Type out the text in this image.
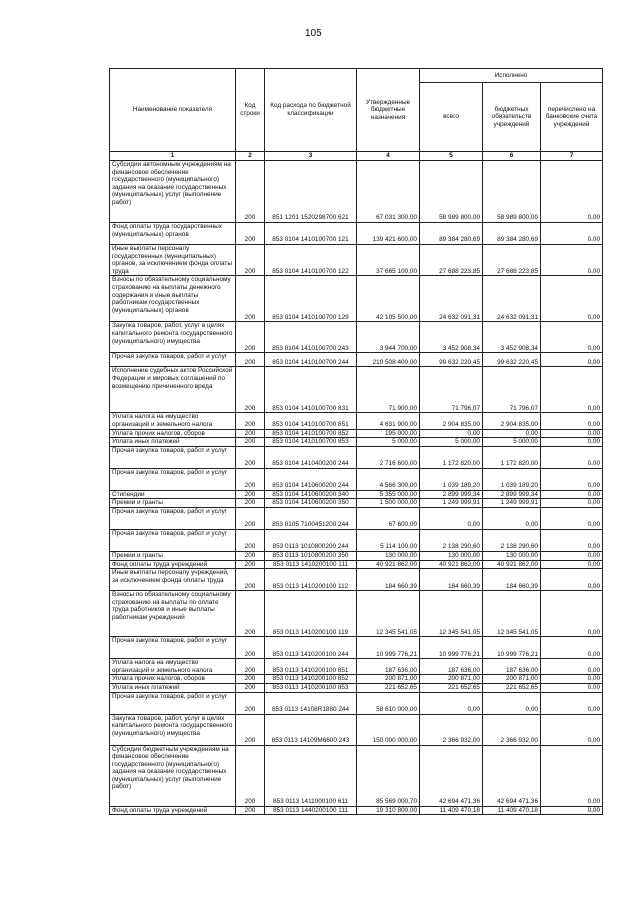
105
Наименование показателя	Код строки	Код расхода по бюджетной классификации	Утвержденные бюджетные назначения	Исполнено		
				всего	бюджетных обязательств учреждений	перечислено на банковские счета учреждений
1	2	3	4	5	6	7
Субсидии автономным учреждениям на финансовое обеспечение государственного (муниципального) задания на оказание государственных (муниципальных) услуг (выполнение работ)	200	851 1201 1520298700 621	67 031 300,00	58 989 800,00	58 989 800,00	0,00
Фонд оплаты труда государственных (муниципальных) органов	200	853 0104 1410100700 121	139 421 600,00	89 384 280,69	89 384 280,69	0,00
Иные выплаты персоналу государственных (муниципальных) органов, за исключением фонда оплаты труда	200	853 0104 1410100700 122	37 665 100,00	27 688 223,85	27 688 223,85	0,00
Взносы по обязательному социальному страхованию на выплаты денежного содержания и иные выплаты работникам государственных (муниципальных) органов	200	853 0104 1410100700 129	42 105 500,00	24 632 091,31	24 632 091,31	0,00
Закупка товаров, работ, услуг в целях капитального ремонта государственного (муниципального) имущества	200	853 0104 1410100700 243	3 944 700,00	3 452 908,34	3 452 908,34	0,00
Прочая закупка товаров, работ и услуг	200	853 0104 1410100700 244	210 508 400,00	99 632 220,45	99 632 220,45	0,00
Исполнение судебных актов Российской Федерации и мировых соглашений по возмещению причиненного вреда	200	853 0104 1410100700 831	71 900,00	71 796,07	71 796,07	0,00
Уплата налога на имущество организаций и земельного налога	200	853 0104 1410100700 851	4 631 900,00	2 904 835,00	2 904 835,00	0,00
Уплата прочих налогов, сборов	200	853 0104 1410100700 852	195 000,00	0,00	0,00	0,00
Уплата иных платежей	200	853 0104 1410100700 853	5 000,00	5 000,00	5 000,00	0,00
Прочая закупка товаров, работ и услуг	200	853 0104 1410400200 244	2 716 600,00	1 172 820,00	1 172 820,00	0,00
Прочая закупка товаров, работ и услуг	200	853 0104 1410600200 244	4 566 300,00	1 039 189,20	1 039 189,20	0,00
Стипендии	200	853 0104 1410600200 340	5 355 000,00	2 899 999,34	2 899 999,34	0,00
Премии и гранты	200	853 0104 1410600200 350	1 500 000,00	1 249 999,91	1 249 999,91	0,00
Прочая закупка товаров, работ и услуг	200	853 0105 7100451200 244	67 600,00	0,00	0,00	0,00
Прочая закупка товаров, работ и услуг	200	853 0113 1010800200 244	5 114 100,00	2 138 290,60	2 138 290,60	0,00
Премии и гранты	200	853 0113 1010800200 350	130 000,00	130 000,00	130 000,00	0,00
Фонд оплаты труда учреждений	200	853 0113 1410200100 111	40 921 862,00	40 921 862,00	40 921 862,00	0,00
Иные выплаты персоналу учреждений, за исключением фонда оплаты труда	200	853 0113 1410200100 112	184 660,39	184 660,39	184 660,39	0,00
Взносы по обязательному социальному страхованию на выплаты по оплате труда работников и иные выплаты работникам учреждений	200	853 0113 1410200100 119	12 345 541,05	12 345 541,05	12 345 541,05	0,00
Прочая закупка товаров, работ и услуг	200	853 0113 1410200100 244	10 999 776,21	10 999 776,21	10 999 776,21	0,00
Уплата налога на имущество организаций и земельного налога	200	853 0113 1410200100 851	187 636,00	187 636,00	187 636,00	0,00
Уплата прочих налогов, сборов	200	853 0113 1410200100 852	200 871,00	200 871,00	200 871,00	0,00
Уплата иных платежей	200	853 0113 1410200100 853	221 652,65	221 652,65	221 652,65	0,00
Прочая закупка товаров, работ и услуг	200	853 0113 14108R1880 244	58 610 000,00	0,00	0,00	0,00
Закупка товаров, работ, услуг в целях капитального ремонта государственного (муниципального) имущества	200	853 0113 14109M6600 243	150 000 000,00	2 366 932,00	2 366 932,00	0,00
Субсидии бюджетным учреждениям на финансовое обеспечение государственного (муниципального) задания на оказание государственных (муниципальных) услуг (выполнение работ)	200	853 0113 1411000100 611	85 569 000,70	42 694 471,36	42 694 471,36	0,00
Фонд оплаты труда учреждений	200	853 0113 1440200100 111	19 310 800,00	11 409 470,18	11 409 470,18	0,00
